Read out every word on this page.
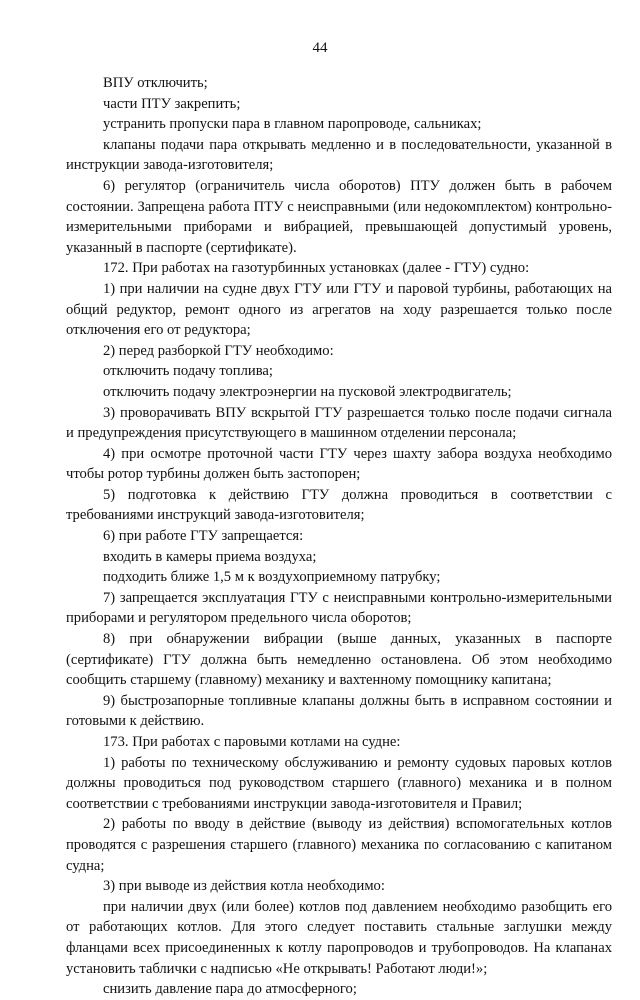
44

ВПУ отключить;

части ПТУ закрепить;

устранить пропуски пара в главном паропроводе, сальниках;

клапаны подачи пара открывать медленно и в последовательности, указанной в инструкции завода-изготовителя;

6) регулятор (ограничитель числа оборотов) ПТУ должен быть в рабочем состоянии. Запрещена работа ПТУ с неисправными (или недокомплектом) контрольно-измерительными приборами и вибрацией, превышающей допустимый уровень, указанный в паспорте (сертификате).

172. При работах на газотурбинных установках (далее - ГТУ) судно:

1) при наличии на судне двух ГТУ или ГТУ и паровой турбины, работающих на общий редуктор, ремонт одного из агрегатов на ходу разрешается только после отключения его от редуктора;

2) перед разборкой ГТУ необходимо:

отключить подачу топлива;

отключить подачу электроэнергии на пусковой электродвигатель;

3) проворачивать ВПУ вскрытой ГТУ разрешается только после подачи сигнала и предупреждения присутствующего в машинном отделении персонала;

4) при осмотре проточной части ГТУ через шахту забора воздуха необходимо чтобы ротор турбины должен быть застопорен;

5) подготовка к действию ГТУ должна проводиться в соответствии с требованиями инструкций завода-изготовителя;

6) при работе ГТУ запрещается:

входить в камеры приема воздуха;

подходить ближе 1,5 м к воздухоприемному патрубку;

7) запрещается эксплуатация ГТУ с неисправными контрольно-измерительными приборами и регулятором предельного числа оборотов;

8) при обнаружении вибрации (выше данных, указанных в паспорте (сертификате) ГТУ должна быть немедленно остановлена. Об этом необходимо сообщить старшему (главному) механику и вахтенному помощнику капитана;

9) быстрозапорные топливные клапаны должны быть в исправном состоянии и готовыми к действию.

173. При работах с паровыми котлами на судне:

1) работы по техническому обслуживанию и ремонту судовых паровых котлов должны проводиться под руководством старшего (главного) механика и в полном соответствии с требованиями инструкции завода-изготовителя и Правил;

2) работы по вводу в действие (выводу из действия) вспомогательных котлов проводятся с разрешения старшего (главного) механика по согласованию с капитаном судна;

3) при выводе из действия котла необходимо:

при наличии двух (или более) котлов под давлением необходимо разобщить его от работающих котлов. Для этого следует поставить стальные заглушки между фланцами всех присоединенных к котлу паропроводов и трубопроводов. На клапанах установить таблички с надписью «Не открывать! Работают люди!»;

снизить давление пара до атмосферного;
